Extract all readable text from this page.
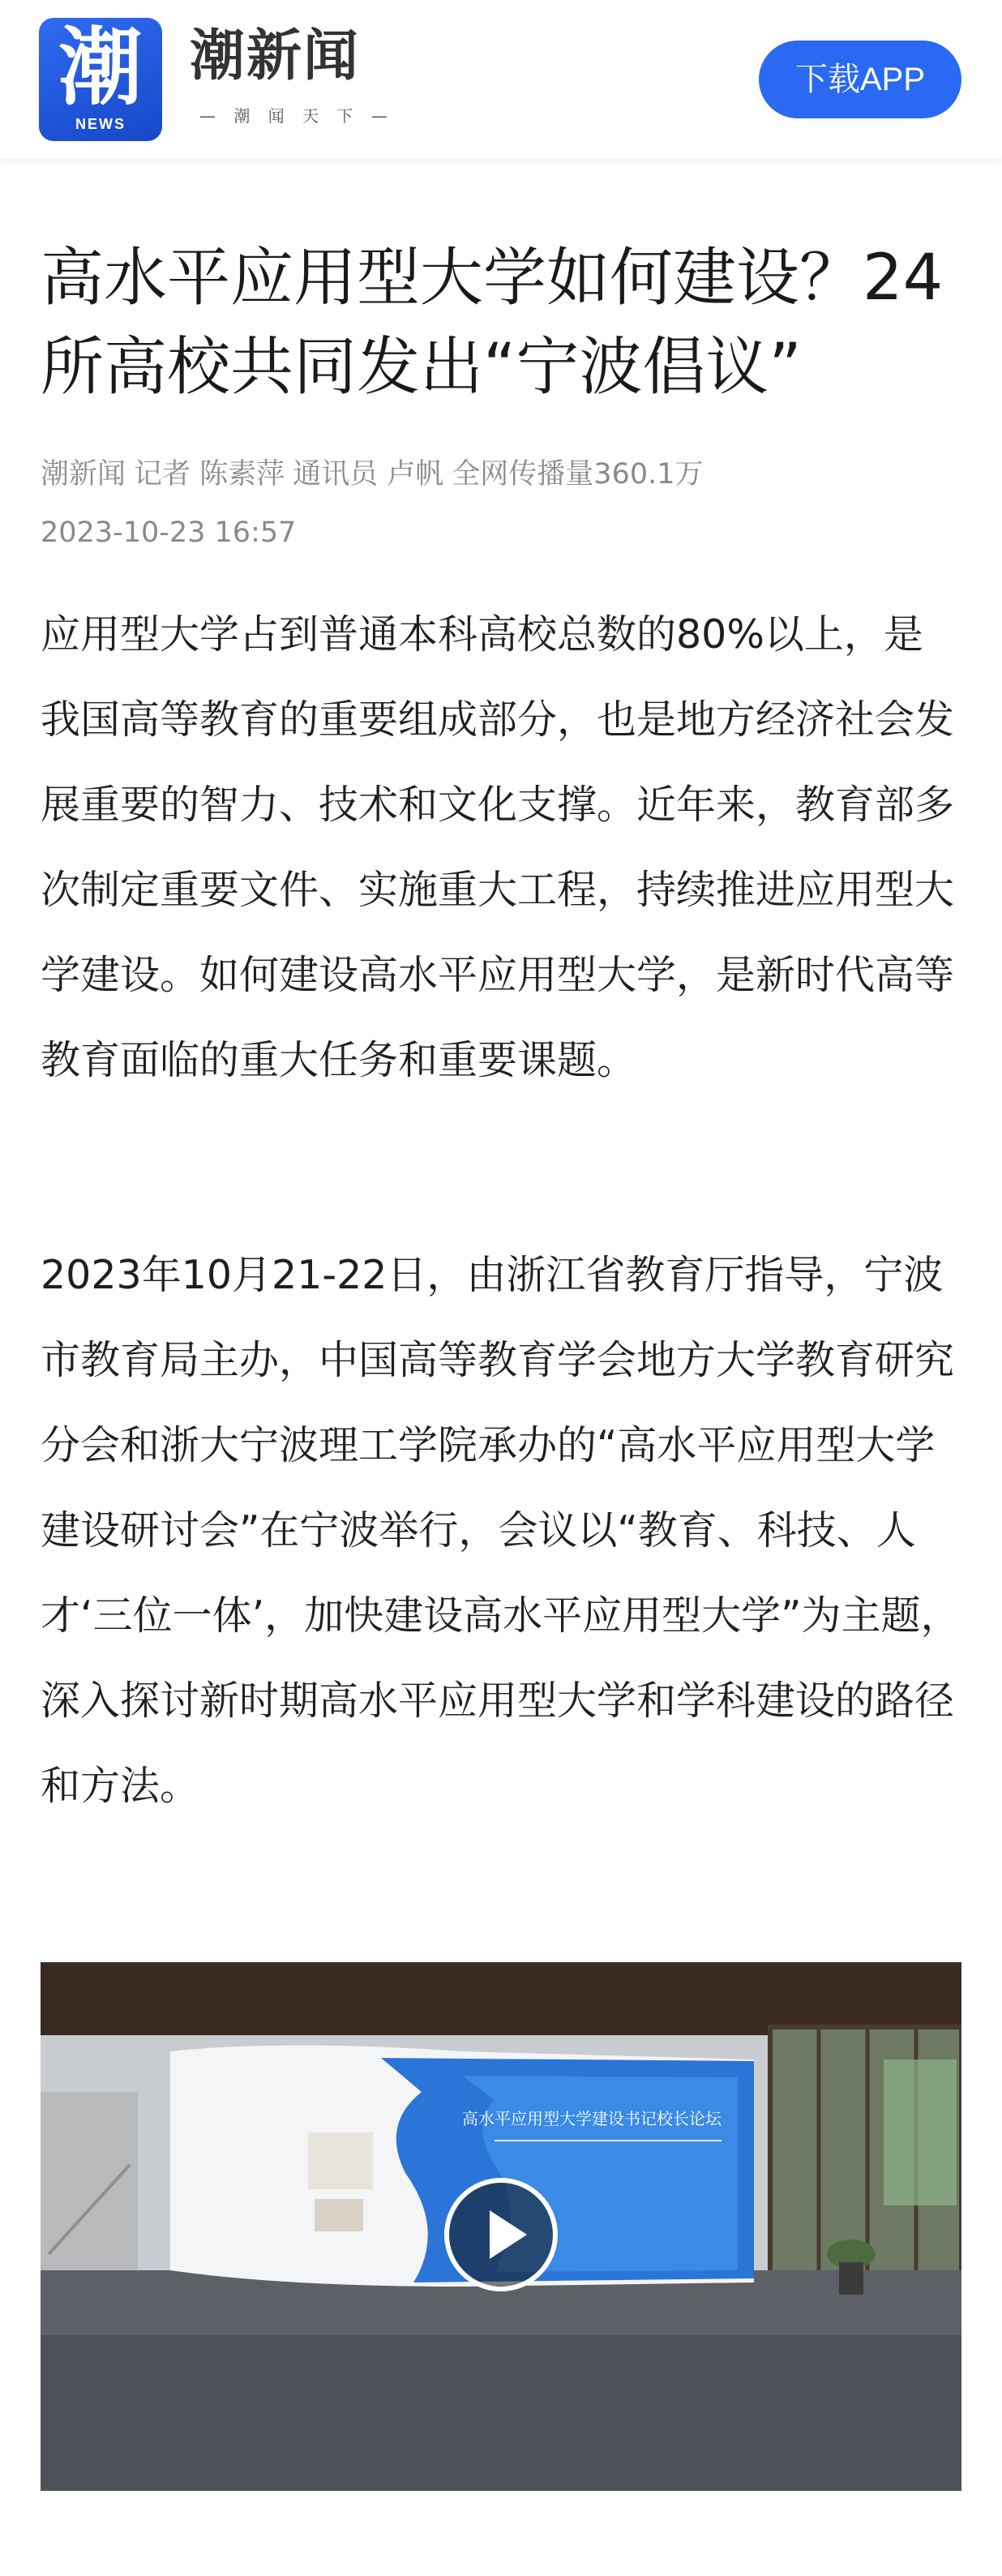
潮
NEWS
潮新闻
— 潮 闻 天 下 —
下载APP
高水平应用型大学如何建设？24所高校共同发出“宁波倡议”
潮新闻 记者 陈素萍 通讯员 卢帆 全网传播量360.1万
2023-10-23 16:57

应用型大学占到普通本科高校总数的80%以上，是我国高等教育的重要组成部分，也是地方经济社会发展重要的智力、技术和文化支撑。近年来，教育部多次制定重要文件、实施重大工程，持续推进应用型大学建设。如何建设高水平应用型大学，是新时代高等教育面临的重大任务和重要课题。

2023年10月21-22日，由浙江省教育厅指导，宁波市教育局主办，中国高等教育学会地方大学教育研究分会和浙大宁波理工学院承办的“高水平应用型大学建设研讨会”在宁波举行，会议以“教育、科技、人才‘三位一体’，加快建设高水平应用型大学”为主题，深入探讨新时期高水平应用型大学和学科建设的路径和方法。

高水平应用型大学建设书记校长论坛
